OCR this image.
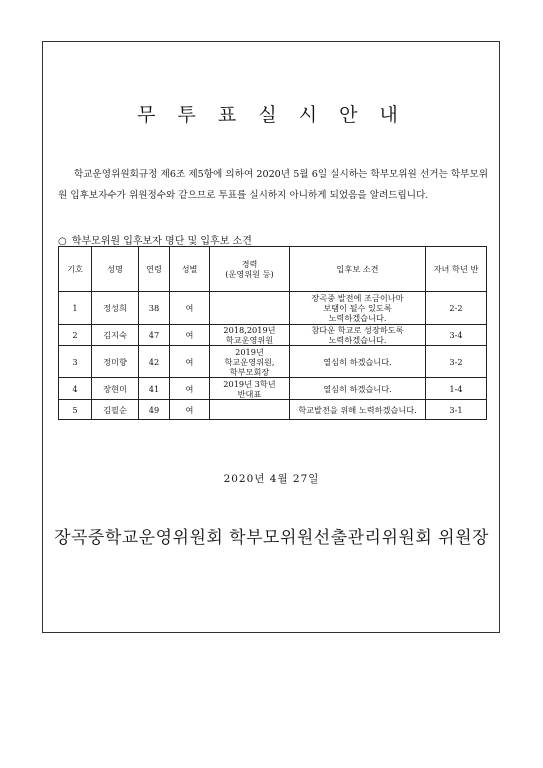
무 투 표 실 시 안 내
학교운영위원회규정 제6조 제5항에 의하여 2020년 5월 6일 실시하는 학부모위원 선거는 학부모위원 입후보자수가 위원정수와 같으므로 투표를 실시하지 아니하게 되었음을 알려드립니다.
○ 학부모위원 입후보자 명단 및 입후보 소견
기호	성명	연령	성별	경력
(운영위원 등)	입후보 소견	자녀 학년 반
1	정성희	38	여		장곡중 발전에 조금이나마
보탬이 될수 있도록
노력하겠습니다.	2-2
2	김지숙	47	여	2018,2019년
학교운영위원	참다운 학교로 성장하도록
노력하겠습니다.	3-4
3	정미향	42	여	2019년
학교운영위원,
학부모회장	열심히 하겠습니다.	3-2
4	장현미	41	여	2019년 3학년
반대표	열심히 하겠습니다.	1-4
5	김필순	49	여		학교발전을 위해 노력하겠습니다.	3-1
2020년 4월 27일
장곡중학교운영위원회 학부모위원선출관리위원회 위원장
